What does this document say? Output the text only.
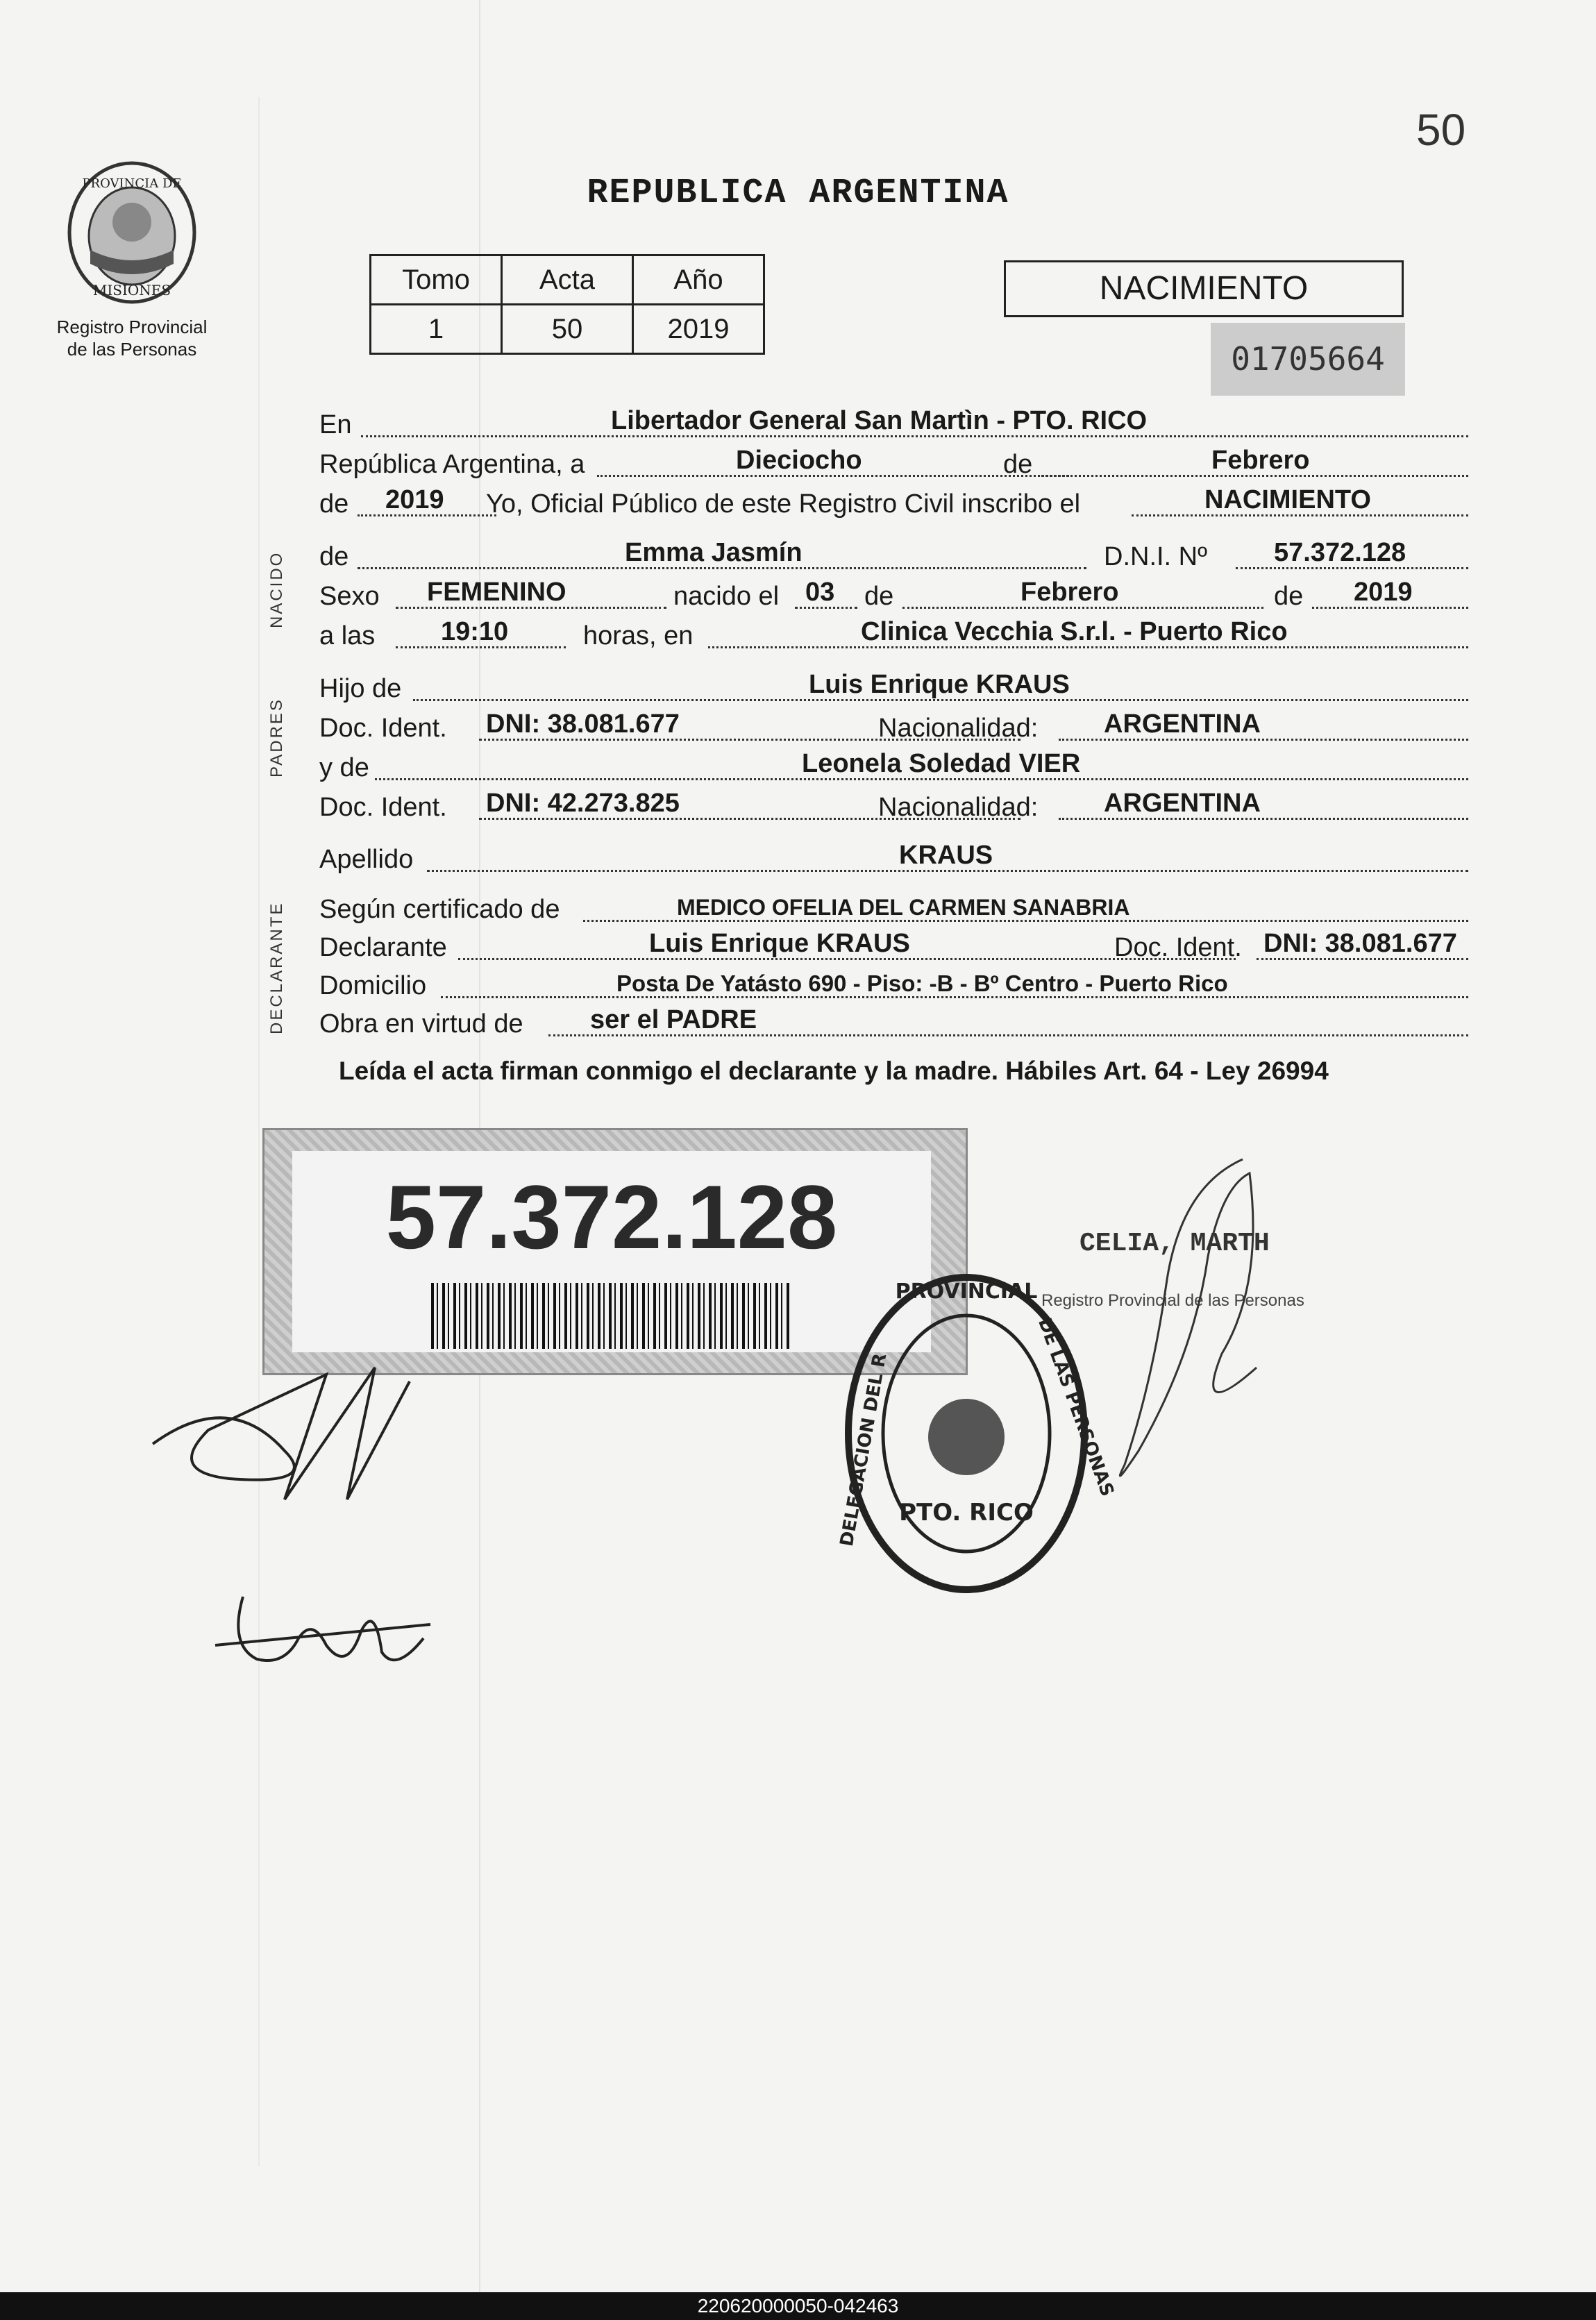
50
PROVINCIA DE
MISIONES
Registro Provincial
de las Personas
REPUBLICA ARGENTINA
Tomo	Acta	Año
1	50	2019
NACIMIENTO
01705664
En	Libertador General San Martìn - PTO. RICO
República Argentina, a	Dieciocho	de	Febrero
de 2019 Yo, Oficial Público de este Registro Civil inscribo el	NACIMIENTO
NACIDO de	Emma Jasmín	D.N.I. Nº	57.372.128
Sexo FEMENINO	nacido el 03 de	Febrero	de 2019
a las 19:10	horas, en	Clinica Vecchia S.r.l. - Puerto Rico
PADRES
Hijo de	Luis Enrique KRAUS
Doc. Ident. DNI: 38.081.677	Nacionalidad: ARGENTINA
y de	Leonela Soledad VIER
Doc. Ident. DNI: 42.273.825	Nacionalidad: ARGENTINA
Apellido	KRAUS
DECLARANTE Según certificado de	MEDICO OFELIA DEL CARMEN SANABRIA
Declarante	Luis Enrique KRAUS	Doc. Ident. DNI: 38.081.677
Domicilio	Posta De Yatásto 690 - Piso: -B - Bº Centro - Puerto Rico
Obra en virtud de	ser el PADRE
Leída el acta firman conmigo el declarante y la madre. Hábiles Art. 64 - Ley 26994
57.372.128
PROVINCIAL
DE LAS PERSONAS
DELEGACION DEL R PTO. RICO
CELIA, MARTH
Registro Provincial de las Personas
220620000050-042463
